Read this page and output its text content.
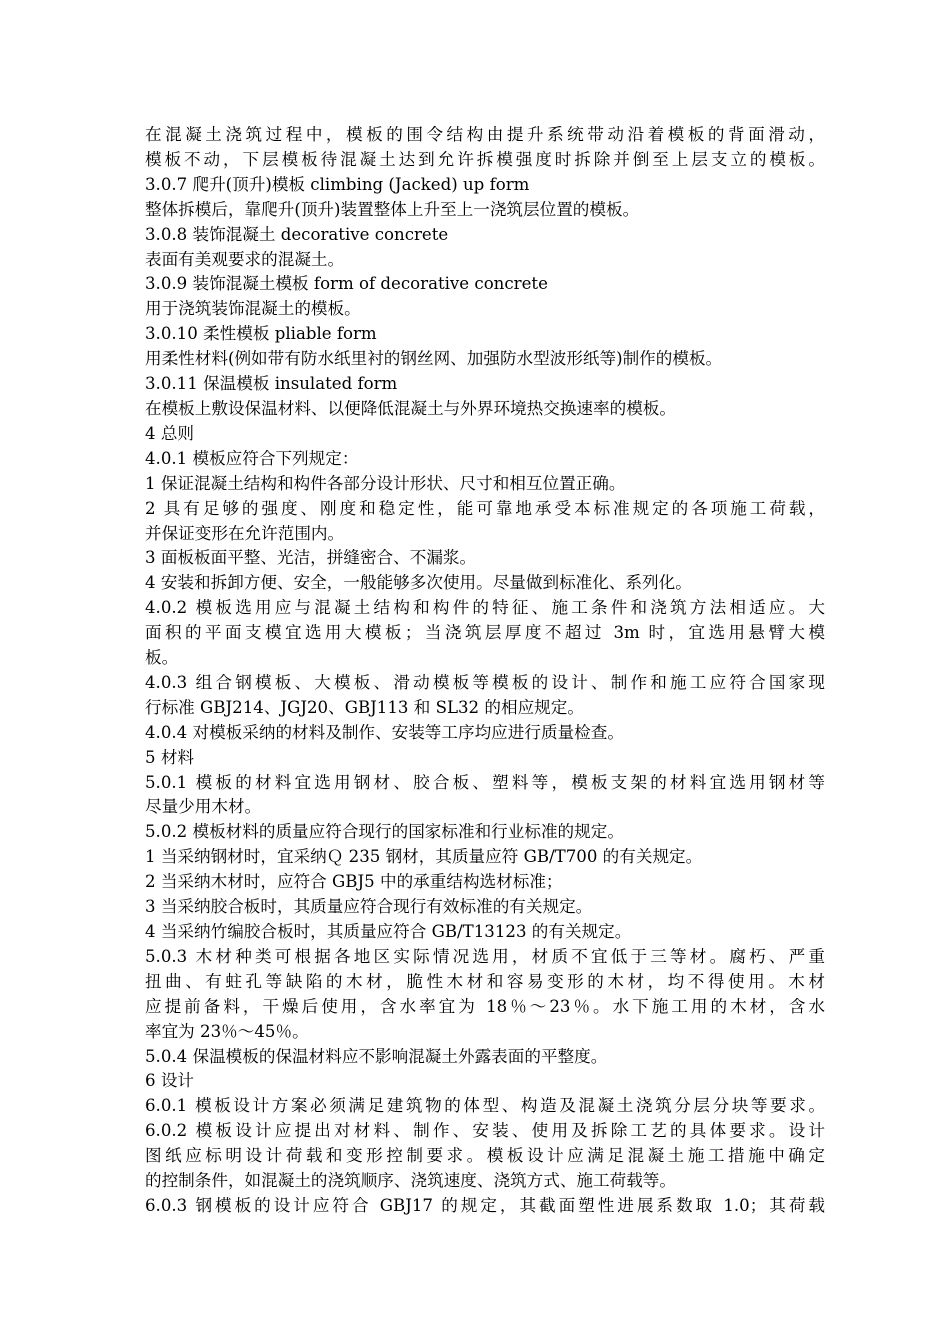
在混凝土浇筑过程中，模板的围令结构由提升系统带动沿着模板的背面滑动，
模板不动，下层模板待混凝土达到允许拆模强度时拆除并倒至上层支立的模板。
3.0.7 爬升(顶升)模板 climbing (Jacked) up form
整体拆模后，靠爬升(顶升)装置整体上升至上一浇筑层位置的模板。
3.0.8 装饰混凝土 decorative concrete
表面有美观要求的混凝土。
3.0.9 装饰混凝土模板 form of decorative concrete
用于浇筑装饰混凝土的模板。
3.0.10 柔性模板 pliable form
用柔性材料(例如带有防水纸里衬的钢丝网、加强防水型波形纸等)制作的模板。
3.0.11 保温模板 insulated form
在模板上敷设保温材料、以便降低混凝土与外界环境热交换速率的模板。
4 总则
4.0.1 模板应符合下列规定：
1 保证混凝土结构和构件各部分设计形状、尺寸和相互位置正确。
2 具有足够的强度、刚度和稳定性，能可靠地承受本标准规定的各项施工荷载，
并保证变形在允许范围内。
3 面板板面平整、光洁，拼缝密合、不漏浆。
4 安装和拆卸方便、安全，一般能够多次使用。尽量做到标准化、系列化。
4.0.2 模板选用应与混凝土结构和构件的特征、施工条件和浇筑方法相适应。大
面积的平面支模宜选用大模板；当浇筑层厚度不超过 3m 时，宜选用悬臂大模
板。
4.0.3 组合钢模板、大模板、滑动模板等模板的设计、制作和施工应符合国家现
行标准 GBJ214、JGJ20、GBJ113 和 SL32 的相应规定。
4.0.4 对模板采纳的材料及制作、安装等工序均应进行质量检查。
5 材料
5.0.1 模板的材料宜选用钢材、胶合板、塑料等，模板支架的材料宜选用钢材等
尽量少用木材。
5.0.2 模板材料的质量应符合现行的国家标准和行业标准的规定。
1 当采纳钢材时，宜采纳Ｑ 235 钢材，其质量应符 GB/T700 的有关规定。
2 当采纳木材时，应符合 GBJ5 中的承重结构选材标准；
3 当采纳胶合板时，其质量应符合现行有效标准的有关规定。
4 当采纳竹编胶合板时，其质量应符合 GB/T13123 的有关规定。
5.0.3 木材种类可根据各地区实际情况选用，材质不宜低于三等材。腐朽、严重
扭曲、有蛀孔等缺陷的木材，脆性木材和容易变形的木材，均不得使用。木材
应提前备料，干燥后使用，含水率宜为 18％～23％。水下施工用的木材，含水
率宜为 23％～45％。
5.0.4 保温模板的保温材料应不影响混凝土外露表面的平整度。
6 设计
6.0.1 模板设计方案必须满足建筑物的体型、构造及混凝土浇筑分层分块等要求。
6.0.2 模板设计应提出对材料、制作、安装、使用及拆除工艺的具体要求。设计
图纸应标明设计荷载和变形控制要求。模板设计应满足混凝土施工措施中确定
的控制条件，如混凝土的浇筑顺序、浇筑速度、浇筑方式、施工荷载等。
6.0.3 钢模板的设计应符合 GBJ17 的规定，其截面塑性进展系数取 1.0；其荷载
